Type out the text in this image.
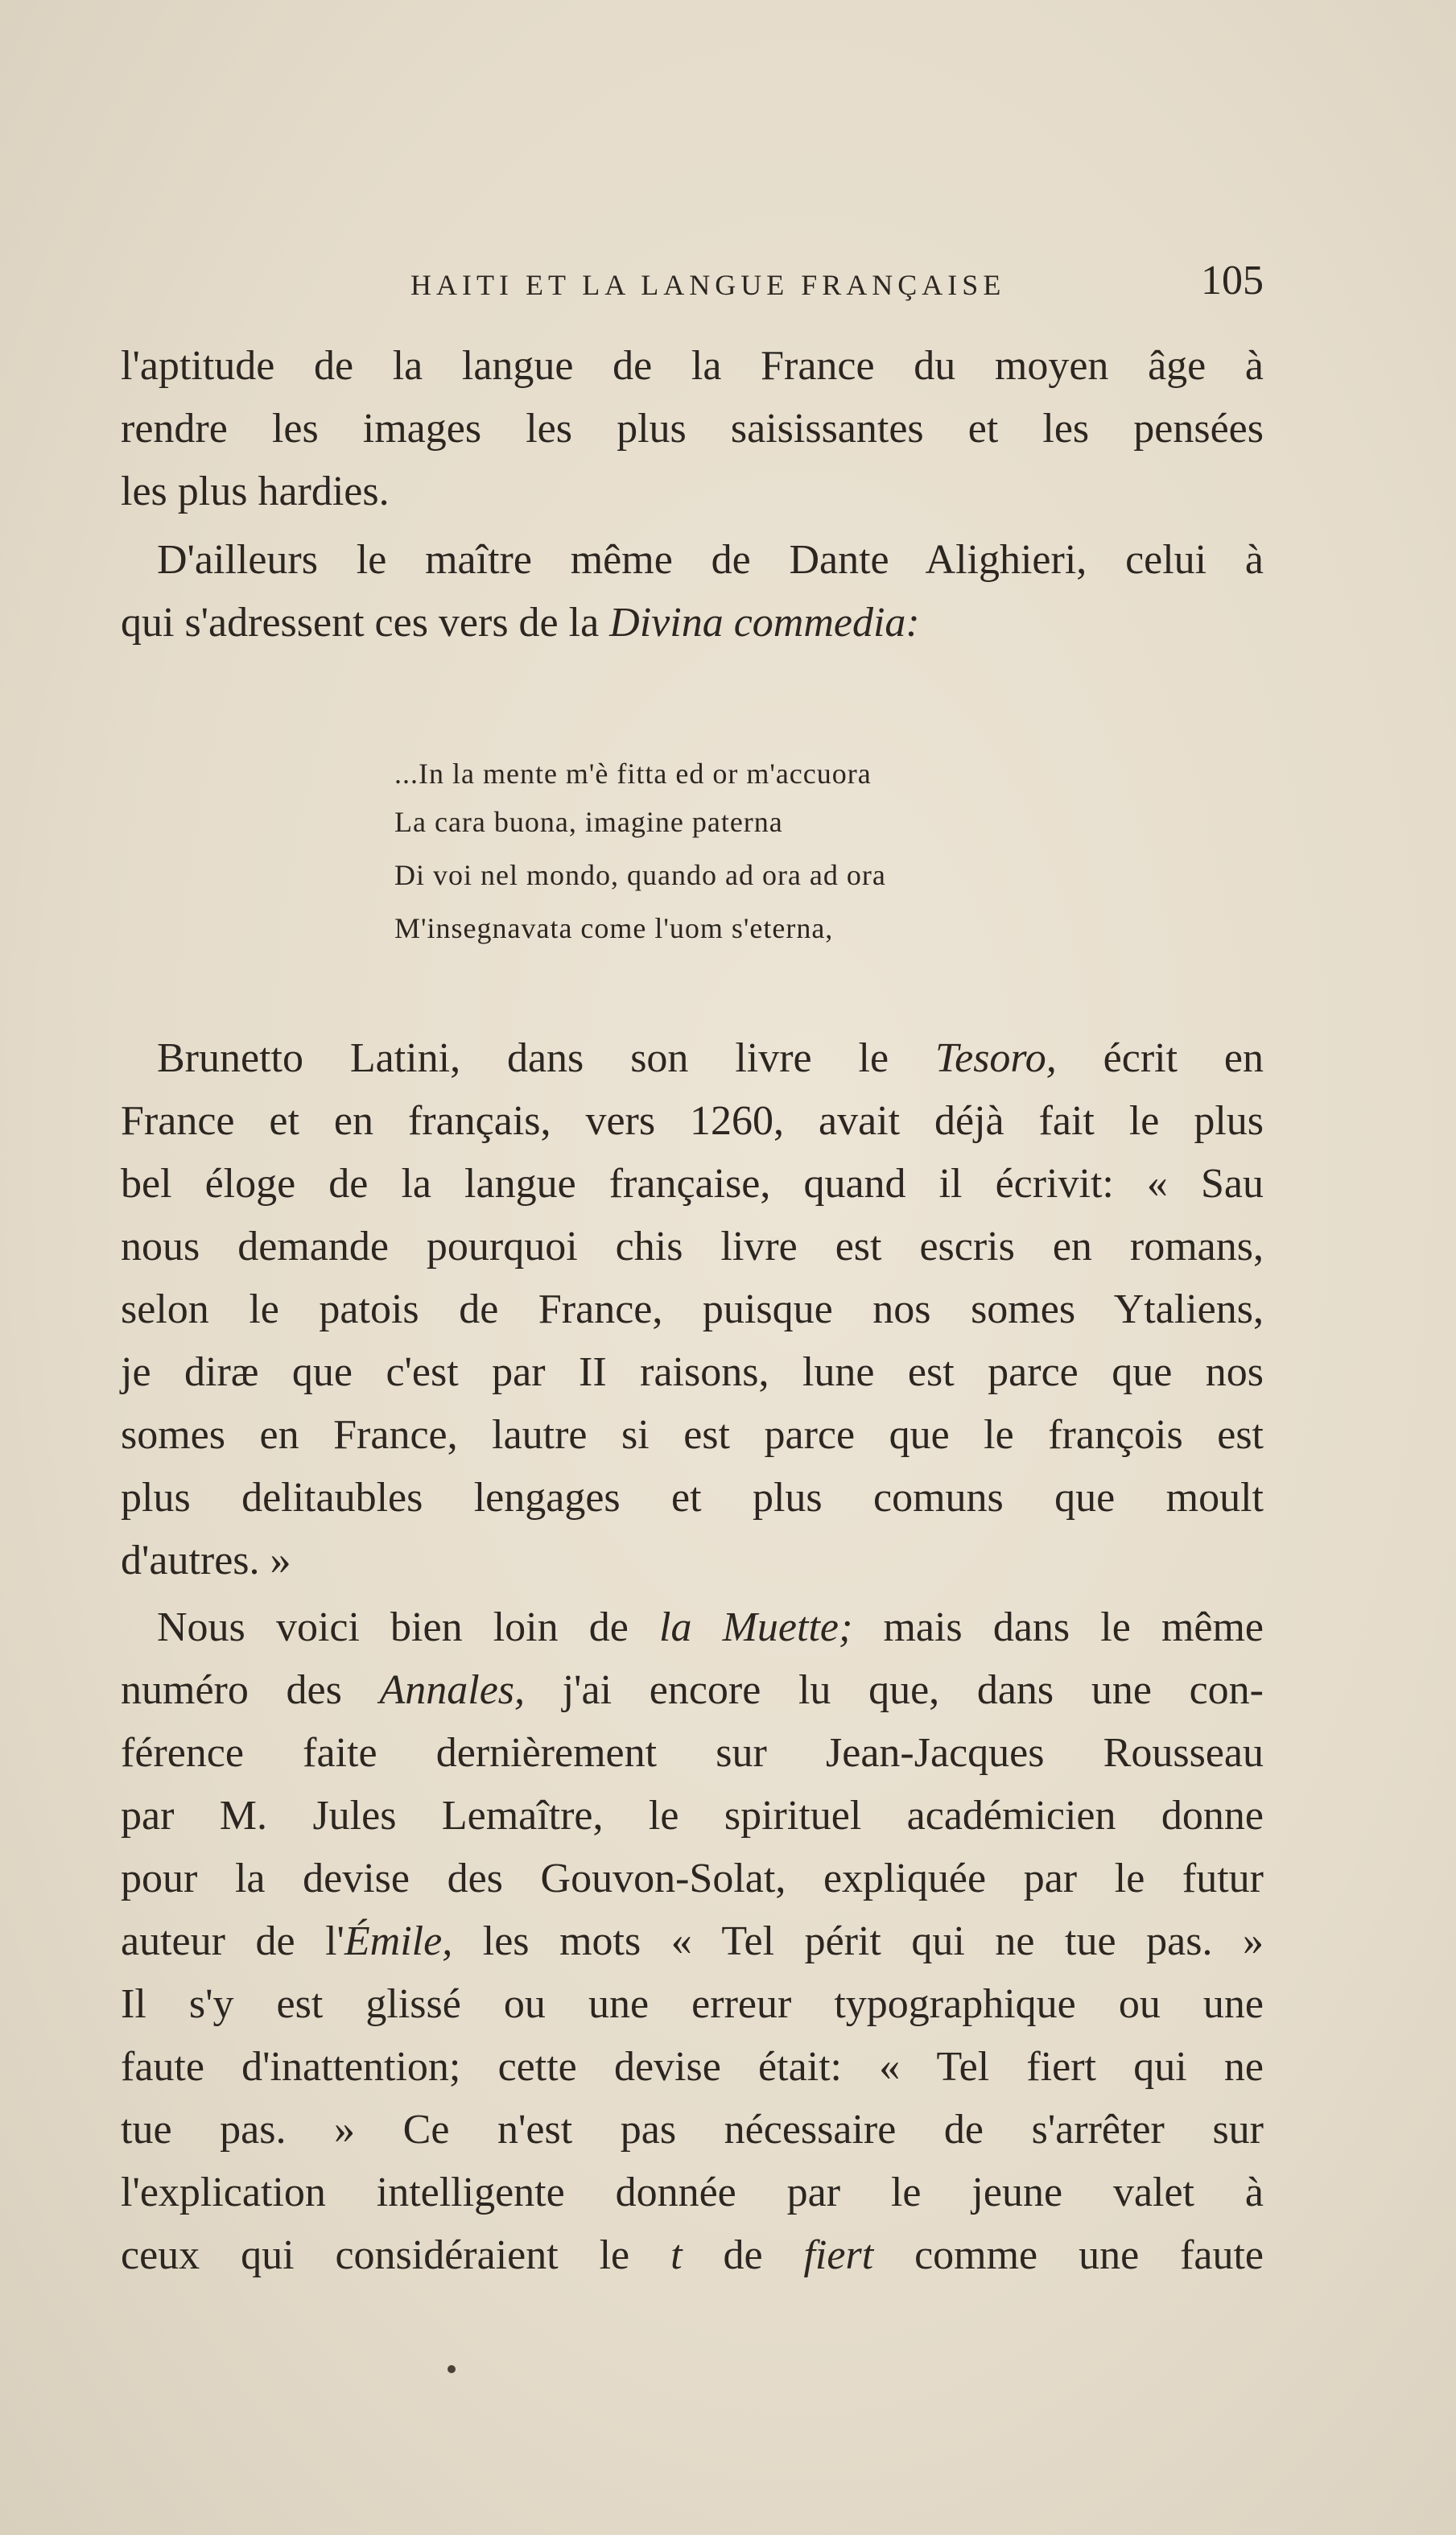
HAITI ET LA LANGUE FRANÇAISE	105
l'aptitude de la langue de la France du moyen âge à
rendre les images les plus saisissantes et les pensées
les plus hardies.
D'ailleurs le maître même de Dante Alighieri, celui à
qui s'adressent ces vers de la Divina commedia:
...In la mente m'è fitta ed or m'accuora
La cara buona, imagine paterna
Di voi nel mondo, quando ad ora ad ora
M'insegnavata come l'uom s'eterna,
Brunetto Latini, dans son livre le Tesoro, écrit en
France et en français, vers 1260, avait déjà fait le plus
bel éloge de la langue française, quand il écrivit: « Sau
nous demande pourquoi chis livre est escris en romans,
selon le patois de France, puisque nos somes Ytaliens,
je diræ que c'est par II raisons, lune est parce que nos
somes en France, lautre si est parce que le françois est
plus delitaubles lengages et plus comuns que moult
d'autres. »
Nous voici bien loin de la Muette; mais dans le même
numéro des Annales, j'ai encore lu que, dans une con-
férence faite dernièrement sur Jean-Jacques Rousseau
par M. Jules Lemaître, le spirituel académicien donne
pour la devise des Gouvon-Solat, expliquée par le futur
auteur de l'Émile, les mots « Tel périt qui ne tue pas. »
Il s'y est glissé ou une erreur typographique ou une
faute d'inattention; cette devise était: « Tel fiert qui ne
tue pas. » Ce n'est pas nécessaire de s'arrêter sur
l'explication intelligente donnée par le jeune valet à
ceux qui considéraient le t de fiert comme une faute
